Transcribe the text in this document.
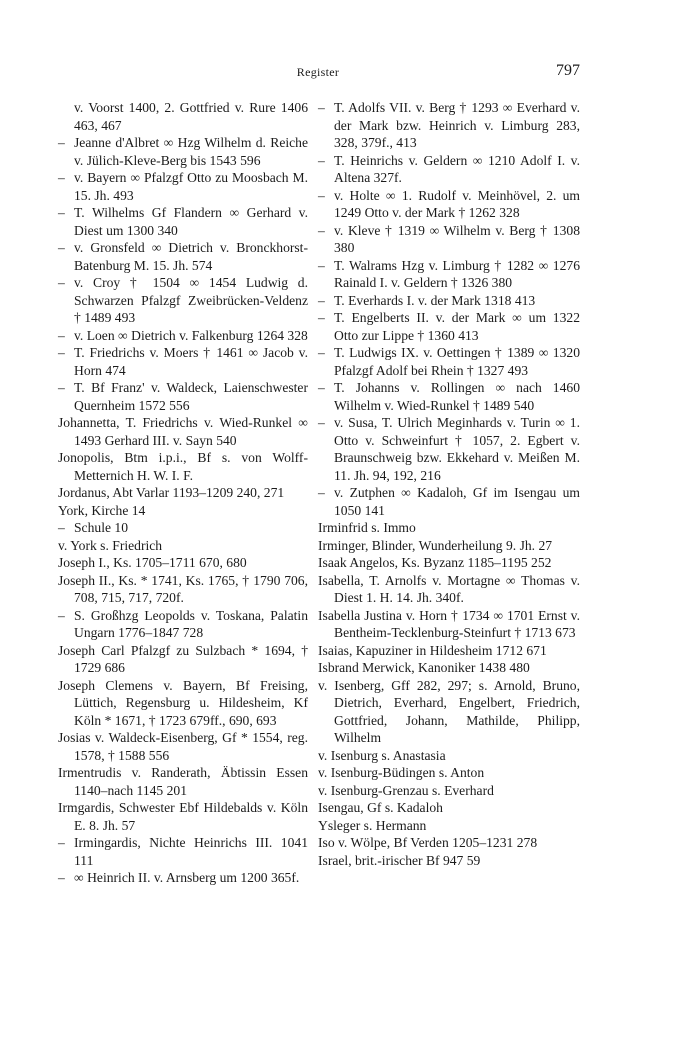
Register	797

v. Voorst 1400, 2. Gottfried v. Rure 1406 463, 467

– Jeanne d'Albret ∞ Hzg Wilhelm d. Reiche v. Jülich-Kleve-Berg bis 1543 596

– v. Bayern ∞ Pfalzgf Otto zu Moosbach M. 15. Jh. 493

– T. Wilhelms Gf Flandern ∞ Gerhard v. Diest um 1300 340

– v. Gronsfeld ∞ Dietrich v. Bronckhorst-Batenburg M. 15. Jh. 574

– v. Croy † 1504 ∞ 1454 Ludwig d. Schwarzen Pfalzgf Zweibrücken-Veldenz † 1489 493

– v. Loen ∞ Dietrich v. Falkenburg 1264 328

– T. Friedrichs v. Moers † 1461 ∞ Jacob v. Horn 474

– T. Bf Franz' v. Waldeck, Laienschwester Quernheim 1572 556

Johannetta, T. Friedrichs v. Wied-Runkel ∞ 1493 Gerhard III. v. Sayn 540

Jonopolis, Btm i.p.i., Bf s. von Wolff-Metternich H. W. I. F.

Jordanus, Abt Varlar 1193–1209 240, 271

York, Kirche 14

– Schule 10

v. York s. Friedrich

Joseph I., Ks. 1705–1711 670, 680

Joseph II., Ks. * 1741, Ks. 1765, † 1790 706, 708, 715, 717, 720f.

– S. Großhzg Leopolds v. Toskana, Palatin Ungarn 1776–1847 728

Joseph Carl Pfalzgf zu Sulzbach * 1694, † 1729 686

Joseph Clemens v. Bayern, Bf Freising, Lüttich, Regensburg u. Hildesheim, Kf Köln * 1671, † 1723 679ff., 690, 693

Josias v. Waldeck-Eisenberg, Gf * 1554, reg. 1578, † 1588 556

Irmentrudis v. Randerath, Äbtissin Essen 1140–nach 1145 201

Irmgardis, Schwester Ebf Hildebalds v. Köln E. 8. Jh. 57

– Irmingardis, Nichte Heinrichs III. 1041 111

– ∞ Heinrich II. v. Arnsberg um 1200 365f.

– T. Adolfs VII. v. Berg † 1293 ∞ Everhard v. der Mark bzw. Heinrich v. Limburg 283, 328, 379f., 413

– T. Heinrichs v. Geldern ∞ 1210 Adolf I. v. Altena 327f.

– v. Holte ∞ 1. Rudolf v. Meinhövel, 2. um 1249 Otto v. der Mark † 1262 328

– v. Kleve † 1319 ∞ Wilhelm v. Berg † 1308 380

– T. Walrams Hzg v. Limburg † 1282 ∞ 1276 Rainald I. v. Geldern † 1326 380

– T. Everhards I. v. der Mark 1318 413

– T. Engelberts II. v. der Mark ∞ um 1322 Otto zur Lippe † 1360 413

– T. Ludwigs IX. v. Oettingen † 1389 ∞ 1320 Pfalzgf Adolf bei Rhein † 1327 493

– T. Johanns v. Rollingen ∞ nach 1460 Wilhelm v. Wied-Runkel † 1489 540

– v. Susa, T. Ulrich Meginhards v. Turin ∞ 1. Otto v. Schweinfurt † 1057, 2. Egbert v. Braunschweig bzw. Ekkehard v. Meißen M. 11. Jh. 94, 192, 216

– v. Zutphen ∞ Kadaloh, Gf im Isengau um 1050 141

Irminfrid s. Immo

Irminger, Blinder, Wunderheilung 9. Jh. 27

Isaak Angelos, Ks. Byzanz 1185–1195 252

Isabella, T. Arnolfs v. Mortagne ∞ Thomas v. Diest 1. H. 14. Jh. 340f.

Isabella Justina v. Horn † 1734 ∞ 1701 Ernst v. Bentheim-Tecklenburg-Steinfurt † 1713 673

Isaias, Kapuziner in Hildesheim 1712 671

Isbrand Merwick, Kanoniker 1438 480

v. Isenberg, Gff 282, 297; s. Arnold, Bruno, Dietrich, Everhard, Engelbert, Friedrich, Gottfried, Johann, Mathilde, Philipp, Wilhelm

v. Isenburg s. Anastasia

v. Isenburg-Büdingen s. Anton

v. Isenburg-Grenzau s. Everhard

Isengau, Gf s. Kadaloh

Ysleger s. Hermann

Iso v. Wölpe, Bf Verden 1205–1231 278

Israel, brit.-irischer Bf 947 59
